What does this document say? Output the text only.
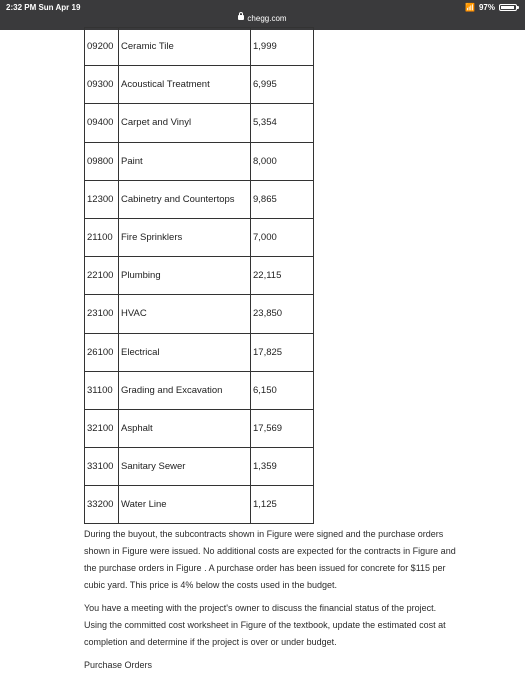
2:32 PM Sun Apr 19	📶 97%
chegg.com
09200	Ceramic Tile	1,999
09300	Acoustical Treatment	6,995
09400	Carpet and Vinyl	5,354
09800	Paint	8,000
12300	Cabinetry and Countertops	9,865
21100	Fire Sprinklers	7,000
22100	Plumbing	22,115
23100	HVAC	23,850
26100	Electrical	17,825
31100	Grading and Excavation	6,150
32100	Asphalt	17,569
33100	Sanitary Sewer	1,359
33200	Water Line	1,125

During the buyout, the subcontracts shown in Figure were signed and the purchase orders shown in Figure were issued. No additional costs are expected for the contracts in Figure and the purchase orders in Figure . A purchase order has been issued for concrete for $115 per cubic yard. This price is 4% below the costs used in the budget.

You have a meeting with the project's owner to discuss the financial status of the project. Using the committed cost worksheet in Figure of the textbook, update the estimated cost at completion and determine if the project is over or under budget.

Purchase Orders
